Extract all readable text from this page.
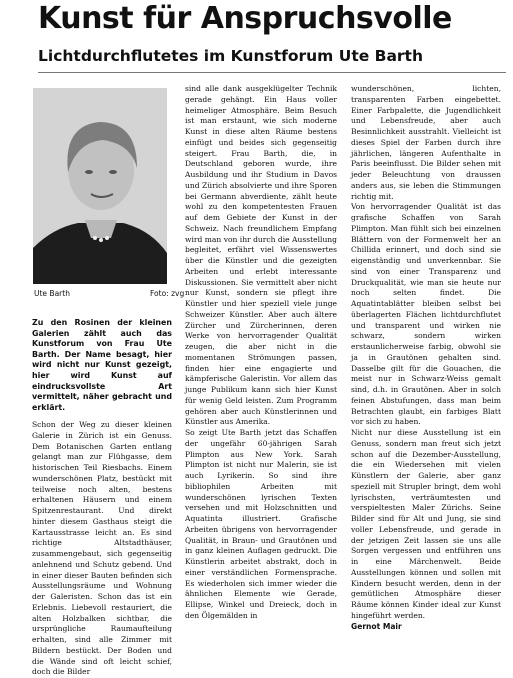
Kunst für Anspruchsvolle
Lichtdurchflutetes im Kunstforum Ute Barth
Ute Barth	Foto: zvg
Zu den Rosinen der kleinen Galerien zählt auch das Kunstforum von Frau Ute Barth. Der Name besagt, hier wird nicht nur Kunst gezeigt, hier wird Kunst auf eindrucksvollste Art vermittelt, näher gebracht und erklärt.

Schon der Weg zu dieser kleinen Galerie in Zürich ist ein Genuss. Dem Botanischen Garten entlang gelangt man zur Flühgasse, dem historischen Teil Riesbachs. Einem wunderschönen Platz, bestückt mit teilweise noch alten, bestens erhaltenen Häusern und einem Spitzenrestaurant. Und direkt hinter diesem Gasthaus steigt die Kartausstrasse leicht an. Es sind richtige Altstadthäuser, zusammengebaut, sich gegenseitig anlehnend und Schutz gebend. Und in einer dieser Bauten befinden sich Ausstellungsräume und Wohnung der Galeristen. Schon das ist ein Erlebnis. Liebevoll restauriert, die alten Holzbalken sichtbar, die ursprüngliche Raumaufteilung erhalten, sind alle Zimmer mit Bildern bestückt. Der Boden und die Wände sind oft leicht schief, doch die Bilder

sind alle dank ausgeklügelter Technik gerade gehängt. Ein Haus voller heimeliger Atmosphäre. Beim Besuch ist man erstaunt, wie sich moderne Kunst in diese alten Räume bestens einfügt und beides sich gegenseitig steigert. Frau Barth, die, in Deutschland geboren wurde, ihre Ausbildung und ihr Studium in Davos und Zürich absolvierte und ihre Sporen bei Germann abverdiente, zählt heute wohl zu den kompetentesten Frauen auf dem Gebiete der Kunst in der Schweiz. Nach freundlichem Empfang wird man von ihr durch die Ausstellung begleitet, erfährt viel Wissenswertes über die Künstler und die gezeigten Arbeiten und erlebt interessante Diskussionen. Sie vermittelt aber nicht nur Kunst, sondern sie pflegt ihre Künstler und hier speziell viele junge Schweizer Künstler. Aber auch ältere Zürcher und Zürcherinnen, deren Werke von hervorragender Qualität zeugen, die aber nicht in die momentanen Strömungen passen, finden hier eine engagierte und kämpferische Galeristin. Vor allem das junge Publikum kann sich hier Kunst für wenig Geld leisten. Zum Programm gehören aber auch Künstlerinnen und Künstler aus Amerika.

So zeigt Ute Barth jetzt das Schaffen der ungefähr 60-jährigen Sarah Plimpton aus New York. Sarah Plimpton ist nicht nur Malerin, sie ist auch Lyrikerin. So sind ihre bibliophilen Arbeiten mit wunderschönen lyrischen Texten versehen und mit Holzschnitten und Aquatinta illustriert. Grafische Arbeiten übrigens von hervorragender Qualität, in Braun- und Grautönen und in ganz kleinen Auflagen gedruckt. Die Künstlerin arbeitet abstrakt, doch in einer verständlichen Formensprache. Es wiederholen sich immer wieder die ähnlichen Elemente wie Gerade, Ellipse, Winkel und Dreieck, doch in den Ölgemälden in

wunderschönen, lichten, transparenten Farben eingebettet. Einer Farbpalette, die Jugendlichkeit und Lebensfreude, aber auch Besinnlichkeit ausstrahlt. Vielleicht ist dieses Spiel der Farben durch ihre jährlichen, längeren Aufenthalte in Paris beeinflusst. Die Bilder sehen mit jeder Beleuchtung von draussen anders aus, sie leben die Stimmungen richtig mit.

Von hervorragender Qualität ist das grafische Schaffen von Sarah Plimpton. Man fühlt sich bei einzelnen Blättern von der Formenwelt her an Chillida erinnert, und doch sind sie eigenständig und unverkennbar. Sie sind von einer Transparenz und Druckqualität, wie man sie heute nur noch selten findet. Die Aquatintablätter bleiben selbst bei überlagerten Flächen lichtdurchflutet und transparent und wirken nie schwarz, sondern wirken erstaunlicherweise farbig, obwohl sie ja in Grautönen gehalten sind. Dasselbe gilt für die Gouachen, die meist nur in Schwarz-Weiss gemalt sind, d.h. in Grautönen. Aber in solch feinen Abstufungen, dass man beim Betrachten glaubt, ein farbiges Blatt vor sich zu haben.

Nicht nur diese Ausstellung ist ein Genuss, sondern man freut sich jetzt schon auf die Dezember-Ausstellung, die ein Wiedersehen mit vielen Künstlern der Galerie, aber ganz speziell mit Strupler bringt, dem wohl lyrischsten, verträumtesten und verspieltesten Maler Zürichs. Seine Bilder sind für Alt und Jung, sie sind voller Lebensfreude, und gerade in der jetzigen Zeit lassen sie uns alle Sorgen vergessen und entführen uns in eine Märchenwelt. Beide Ausstellungen können und sollen mit Kindern besucht werden, denn in der gemütlichen Atmosphäre dieser Räume können Kinder ideal zur Kunst hingeführt werden.

Gernot Mair
